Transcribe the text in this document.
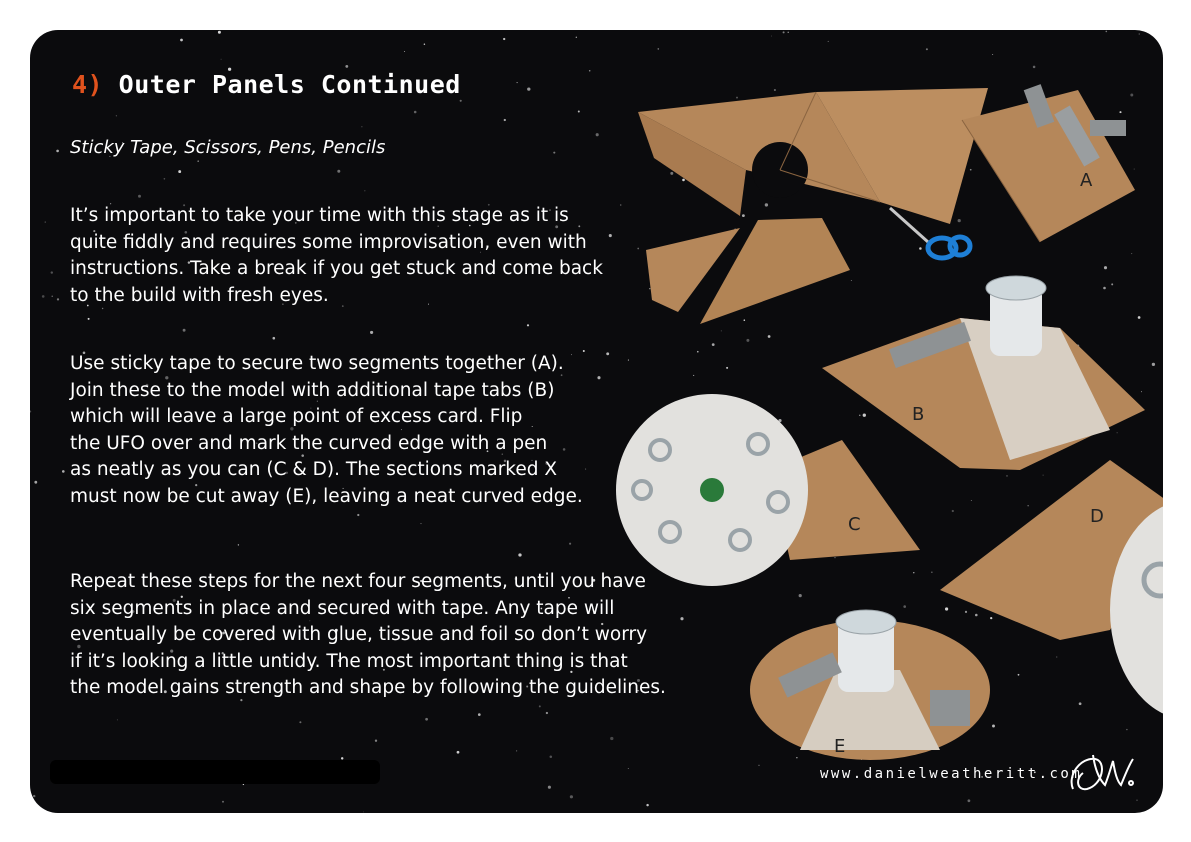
4) Outer Panels Continued
Sticky Tape, Scissors, Pens, Pencils
It’s important to take your time with this stage as it is
quite fiddly and requires some improvisation, even with
instructions. Take a break if you get stuck and come back
to the build with fresh eyes.
Use sticky tape to secure two segments together (A).
Join these to the model with additional tape tabs (B)
which will leave a large point of excess card. Flip
the UFO over and mark the curved edge with a pen
as neatly as you can (C & D). The sections marked X
must now be cut away (E), leaving a neat curved edge.
Repeat these steps for the next four segments, until you have
six segments in place and secured with tape. Any tape will
eventually be covered with glue, tissue and foil so don’t worry
if it’s looking a little untidy. The most important thing is that
the model gains strength and shape by following the guidelines.
A
B
C	D
E
www.danielweatheritt.com
